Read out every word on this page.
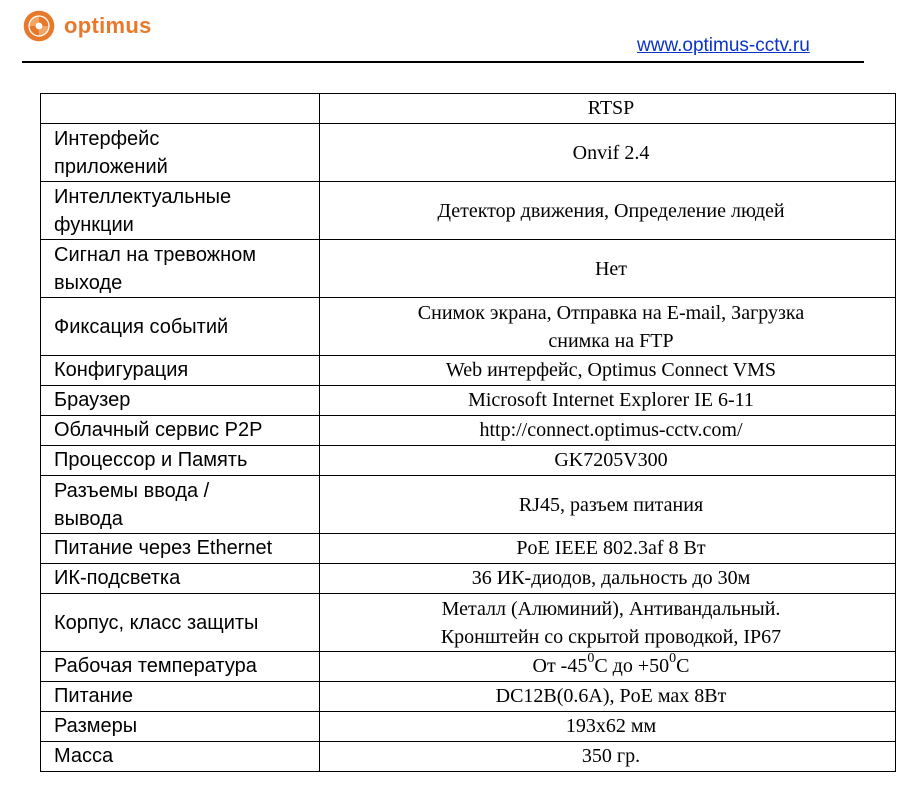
optimus
www.optimus-cctv.ru

	RTSP

Интерфейс
приложений	Onvif 2.4

Интеллектуальные
функции	Детектор движения, Определение людей

Сигнал на тревожном
выходе	Нет

Фиксация событий	Снимок экрана, Отправка на E-mail, Загрузка
снимка на FTP

Конфигурация	Web интерфейс, Optimus Connect VMS

Браузер	Microsoft Internet Explorer IE 6-11

Облачный сервис P2P	http://connect.optimus-cctv.com/

Процессор и Память	GK7205V300

Разъемы ввода /
вывода	RJ45, разъем питания

Питание через Ethernet	PoE IEEE 802.3af 8 Вт

ИК-подсветка	36 ИК-диодов, дальность до 30м

Корпус, класс защиты	Металл (Алюминий), Антивандальный.
Кронштейн со скрытой проводкой, IP67

Рабочая температура	От $-45^0C$ до $+50^0C$

Питание	DC12B(0.6A), PoE мах 8Вт

Размеры	193x62 мм

Масса	350 гр.
